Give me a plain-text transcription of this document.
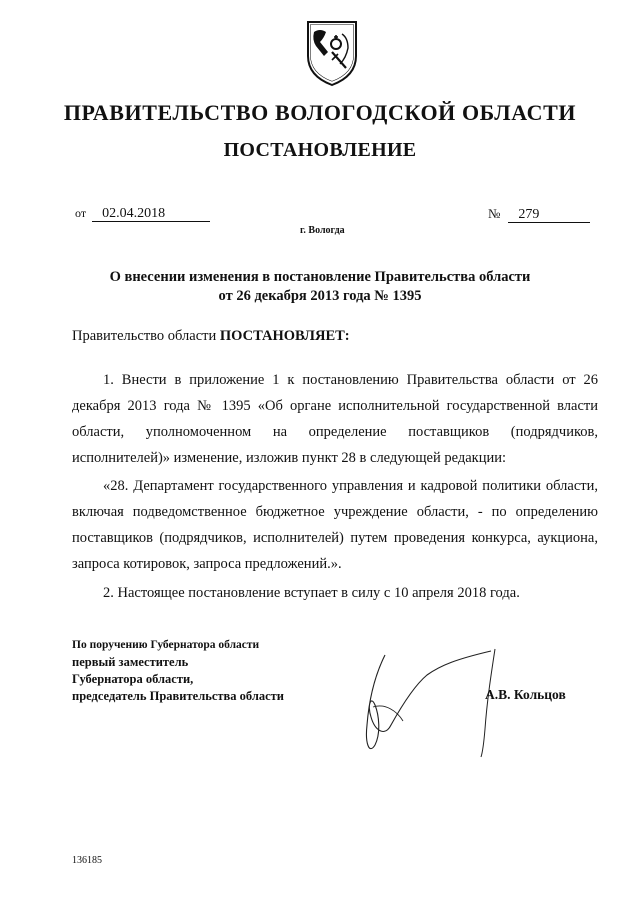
ПРАВИТЕЛЬСТВО ВОЛОГОДСКОЙ ОБЛАСТИ
ПОСТАНОВЛЕНИЕ
от 02.04.2018	№ 279
г. Вологда
О внесении изменения в постановление Правительства области
от 26 декабря 2013 года № 1395
Правительство области ПОСТАНОВЛЯЕТ:
1. Внести в приложение 1 к постановлению Правительства области от 26 декабря 2013 года № 1395 «Об органе исполнительной государственной власти области, уполномоченном на определение поставщиков (подрядчиков, исполнителей)» изменение, изложив пункт 28 в следующей редакции:
«28. Департамент государственного управления и кадровой политики области, включая подведомственное бюджетное учреждение области, - по определению поставщиков (подрядчиков, исполнителей) путем проведения конкурса, аукциона, запроса котировок, запроса предложений.».
2. Настоящее постановление вступает в силу с 10 апреля 2018 года.
По поручению Губернатора области
первый заместитель
Губернатора области,
председатель Правительства области	А.В. Кольцов
136185
